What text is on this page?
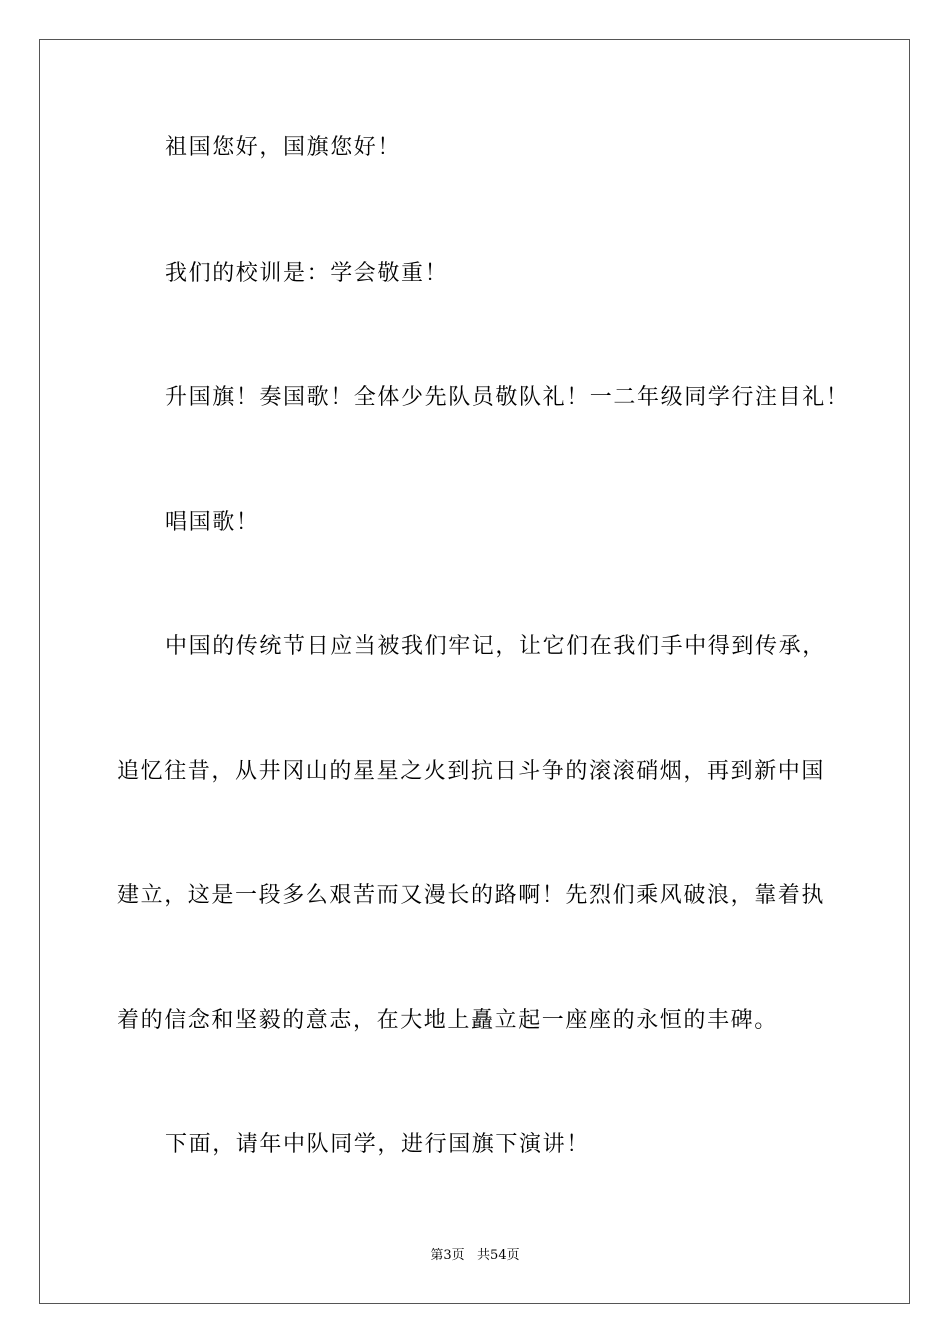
祖国您好，国旗您好！
我们的校训是：学会敬重！
升国旗！奏国歌！全体少先队员敬队礼！一二年级同学行注目礼！
唱国歌！
中国的传统节日应当被我们牢记，让它们在我们手中得到传承，
追忆往昔，从井冈山的星星之火到抗日斗争的滚滚硝烟，再到新中国
建立，这是一段多么艰苦而又漫长的路啊！先烈们乘风破浪，靠着执
着的信念和坚毅的意志，在大地上矗立起一座座的永恒的丰碑。
下面，请年中队同学，进行国旗下演讲！
第3页   共54页
